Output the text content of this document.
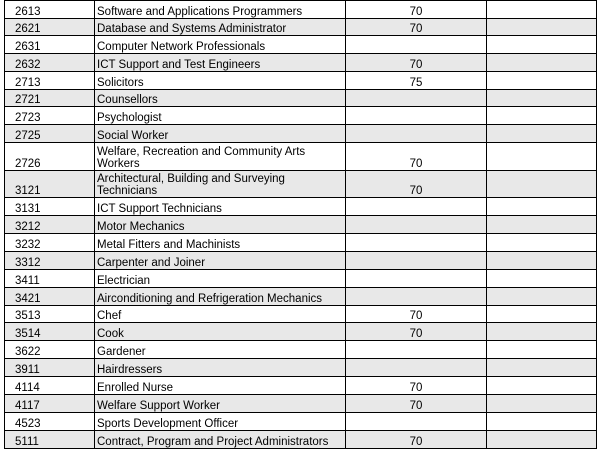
2613	Software and Applications Programmers	70	
2621	Database and Systems Administrator	70	
2631	Computer Network Professionals		
2632	ICT Support and Test Engineers	70	
2713	Solicitors	75	
2721	Counsellors		
2723	Psychologist		
2725	Social Worker		
2726	Welfare, Recreation and Community Arts Workers	70	
3121	Architectural, Building and Surveying Technicians	70	
3131	ICT Support Technicians		
3212	Motor Mechanics		
3232	Metal Fitters and Machinists		
3312	Carpenter and Joiner		
3411	Electrician		
3421	Airconditioning and Refrigeration Mechanics		
3513	Chef	70	
3514	Cook	70	
3622	Gardener		
3911	Hairdressers		
4114	Enrolled Nurse	70	
4117	Welfare Support Worker	70	
4523	Sports Development Officer		
5111	Contract, Program and Project Administrators	70	
